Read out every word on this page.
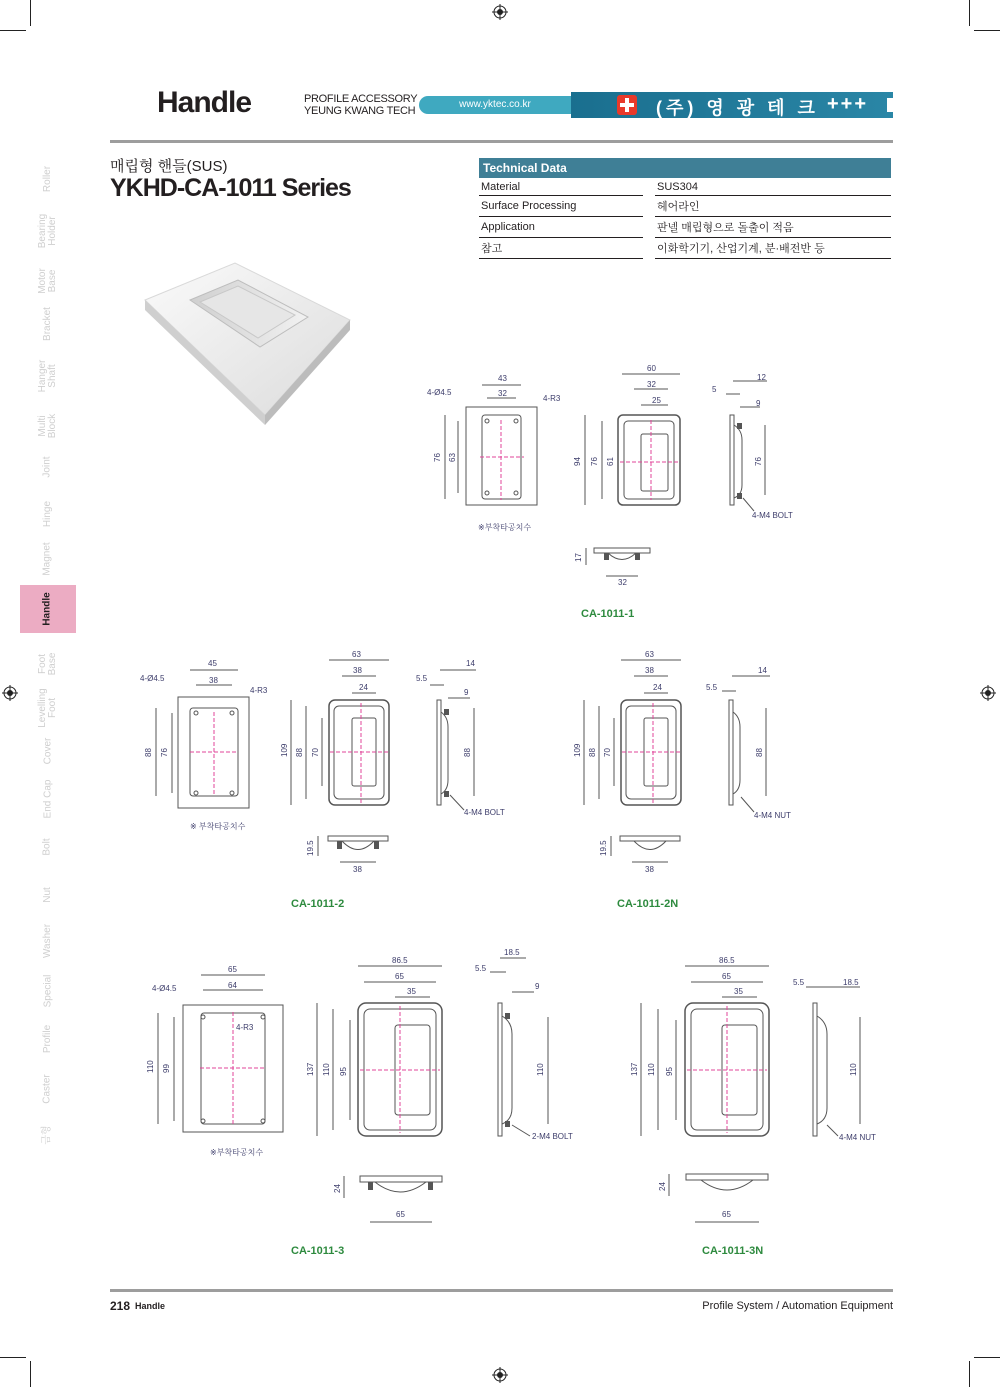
Handle	PROFILE ACCESSORY
YEUNG KWANG TECH
www.yktec.co.kr	(주) 영 광 테 크 +++
Roller
Bearing Holder
Motor Base
Bracket
Hanger Shaft
Multi Block
Joint
Hinge
Magnet
Handle
Foot Base
Levelling Foot
Cover
End Cap
Bolt
Nut
Washer
Special
Profile
Caster
금형
매립형 핸들(SUS)
YKHD-CA-1011 Series
Technical Data		
Material		SUS304
Surface Processing		헤어라인
Application		판넬 매립형으로 돌출이 적음
참고		이화학기기, 산업기계, 분·배전반 등
43
32
4-Ø4.5
4-R3
76 63
※부착타공치수
60
32
25
94 76 61
5
12
9
76
4-M4 BOLT
17
32
CA-1011-1
45
38
4-Ø4.5
4-R3
88 76
※ 부착타공치수
63
38
24
109 88 70
5.5
14
9
88
4-M4 BOLT
19.5
38
CA-1011-2
63
38
24
109 88 70
5.5
14
88
4-M4 NUT
19.5
38
CA-1011-2N
65
64
4-Ø4.5
4-R3
110 99
※부착타공치수
86.5
65
35
137 110 95
18.5
5.5
9
110
2-M4 BOLT
24
65
CA-1011-3
86.5
65
35
137 110 95
5.5	18.5
110
4-M4 NUT
24
65
CA-1011-3N
218 Handle	Profile System / Automation Equipment
